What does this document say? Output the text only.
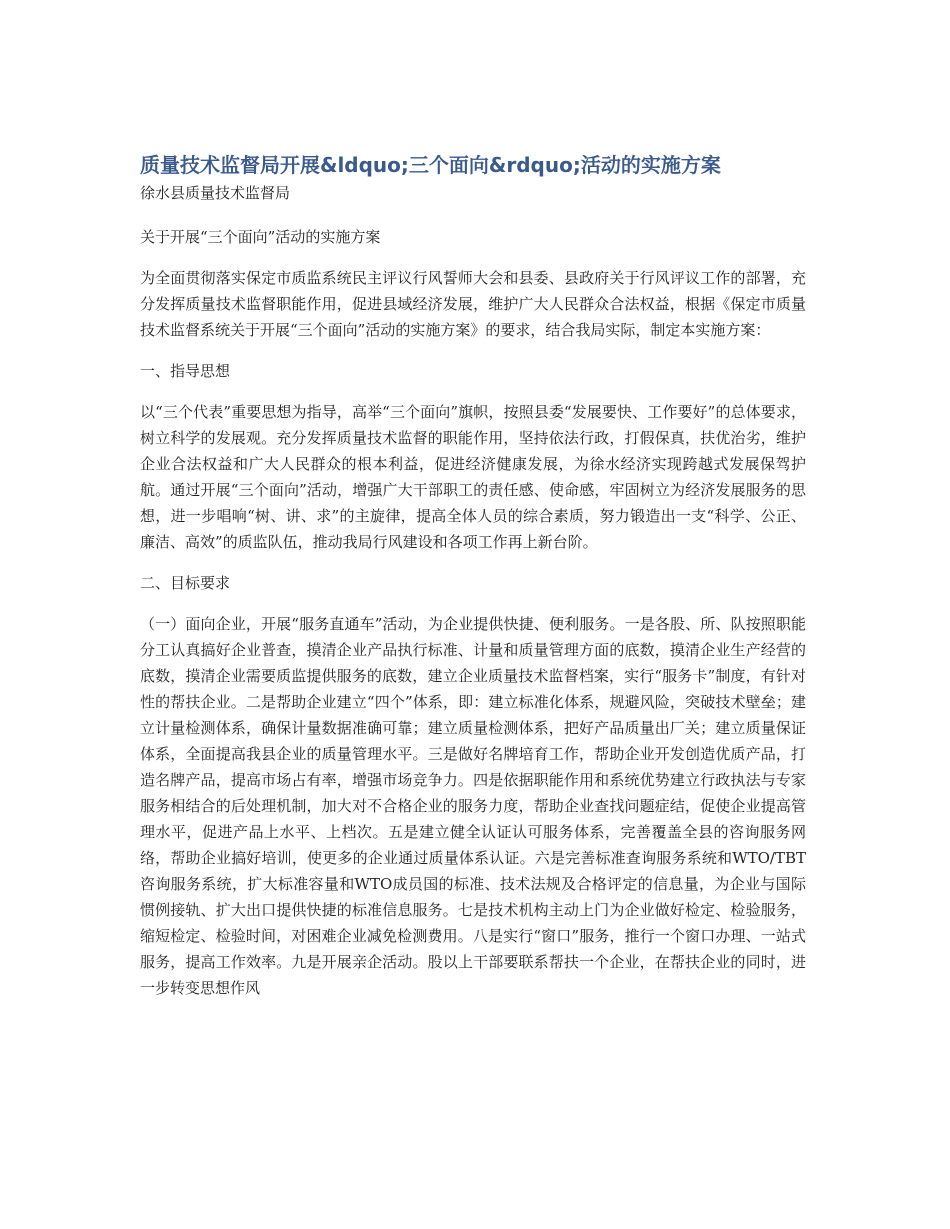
质量技术监督局开展&ldquo;三个面向&rdquo;活动的实施方案
徐水县质量技术监督局

关于开展“三个面向”活动的实施方案

为全面贯彻落实保定市质监系统民主评议行风誓师大会和县委、县政府关于行风评议工作的部署，充分发挥质量技术监督职能作用，促进县域经济发展，维护广大人民群众合法权益，根据《保定市质量技术监督系统关于开展“三个面向”活动的实施方案》的要求，结合我局实际，制定本实施方案：

一、指导思想

以“三个代表”重要思想为指导，高举“三个面向”旗帜，按照县委“发展要快、工作要好”的总体要求，树立科学的发展观。充分发挥质量技术监督的职能作用，坚持依法行政，打假保真，扶优治劣，维护企业合法权益和广大人民群众的根本利益，促进经济健康发展，为徐水经济实现跨越式发展保驾护航。通过开展“三个面向”活动，增强广大干部职工的责任感、使命感，牢固树立为经济发展服务的思想，进一步唱响“树、讲、求”的主旋律，提高全体人员的综合素质，努力锻造出一支“科学、公正、廉洁、高效”的质监队伍，推动我局行风建设和各项工作再上新台阶。

二、目标要求

（一）面向企业，开展“服务直通车”活动，为企业提供快捷、便利服务。一是各股、所、队按照职能分工认真搞好企业普查，摸清企业产品执行标准、计量和质量管理方面的底数，摸清企业生产经营的底数，摸清企业需要质监提供服务的底数，建立企业质量技术监督档案，实行“服务卡”制度，有针对性的帮扶企业。二是帮助企业建立“四个”体系，即：建立标准化体系，规避风险，突破技术壁垒；建立计量检测体系，确保计量数据准确可靠；建立质量检测体系，把好产品质量出厂关；建立质量保证体系，全面提高我县企业的质量管理水平。三是做好名牌培育工作，帮助企业开发创造优质产品，打造名牌产品，提高市场占有率，增强市场竞争力。四是依据职能作用和系统优势建立行政执法与专家服务相结合的后处理机制，加大对不合格企业的服务力度，帮助企业查找问题症结，促使企业提高管理水平，促进产品上水平、上档次。五是建立健全认证认可服务体系，完善覆盖全县的咨询服务网络，帮助企业搞好培训，使更多的企业通过质量体系认证。六是完善标准查询服务系统和WTO/TBT咨询服务系统，扩大标准容量和WTO成员国的标准、技术法规及合格评定的信息量，为企业与国际惯例接轨、扩大出口提供快捷的标准信息服务。七是技术机构主动上门为企业做好检定、检验服务，缩短检定、检验时间，对困难企业减免检测费用。八是实行“窗口”服务，推行一个窗口办理、一站式服务，提高工作效率。九是开展亲企活动。股以上干部要联系帮扶一个企业，在帮扶企业的同时，进一步转变思想作风
